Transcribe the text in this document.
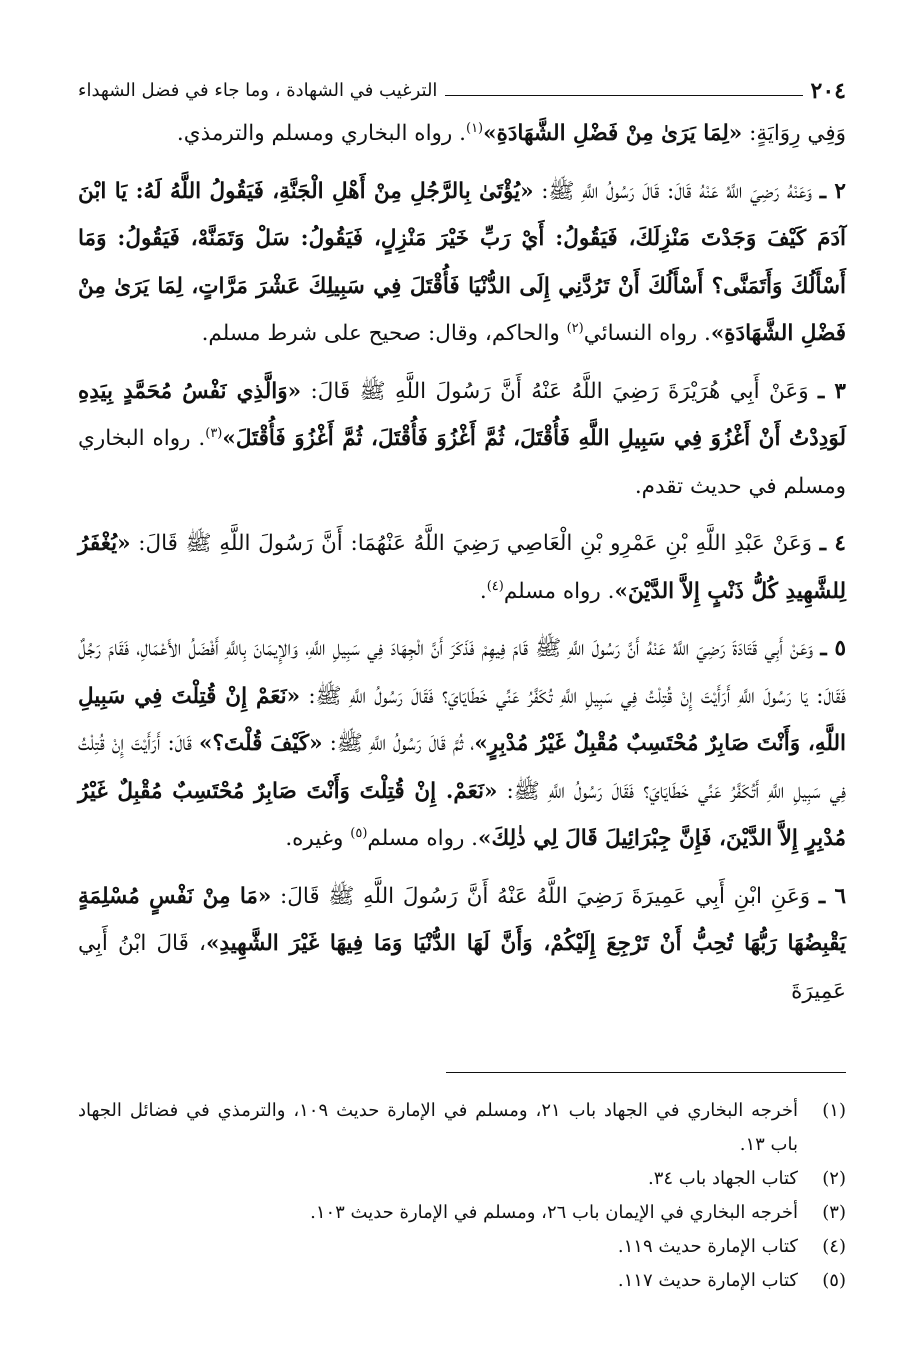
٢٠٤
الترغيب في الشهادة ، وما جاء في فضل الشهداء

وَفِي رِوَايَةٍ: «لِمَا يَرَىٰ مِنْ فَضْلِ الشَّهَادَةِ»$^{(١)}$. رواه البخاري ومسلم والترمذي.

٢ ـ وَعَنْهُ رَضِيَ اللَّهُ عَنْهُ قَالَ: قَالَ رَسُولُ اللَّهِ ﷺ: «يُؤْتَىٰ بِالرَّجُلِ مِنْ أَهْلِ الْجَنَّةِ، فَيَقُولُ اللَّهُ لَهُ: يَا ابْنَ آدَمَ كَيْفَ وَجَدْتَ مَنْزِلَكَ، فَيَقُولُ: أَيْ رَبِّ خَيْرَ مَنْزِلٍ، فَيَقُولُ: سَلْ وَتَمَنَّهْ، فَيَقُولُ: وَمَا أَسْأَلُكَ وَأَتَمَنَّى؟ أَسْأَلُكَ أَنْ تَرُدَّنِي إِلَى الدُّنْيَا فَأُقْتَلَ فِي سَبِيلِكَ عَشْرَ مَرَّاتٍ، لِمَا يَرَىٰ مِنْ فَضْلِ الشَّهَادَةِ». رواه النسائي$^{(٢)}$ والحاكم، وقال: صحيح على شرط مسلم.

٣ ـ وَعَنْ أَبِي هُرَيْرَةَ رَضِيَ اللَّهُ عَنْهُ أَنَّ رَسُولَ اللَّهِ ﷺ قَالَ: «وَالَّذِي نَفْسُ مُحَمَّدٍ بِيَدِهِ لَوَدِدْتُ أَنْ أَغْزُوَ فِي سَبِيلِ اللَّهِ فَأُقْتَلَ، ثُمَّ أَغْزُوَ فَأُقْتَلَ، ثُمَّ أَغْزُوَ فَأُقْتَلَ»$^{(٣)}$. رواه البخاري ومسلم في حديث تقدم.

٤ ـ وَعَنْ عَبْدِ اللَّهِ بْنِ عَمْرِو بْنِ الْعَاصِي رَضِيَ اللَّهُ عَنْهُمَا: أَنَّ رَسُولَ اللَّهِ ﷺ قَالَ: «يُغْفَرُ لِلشَّهِيدِ كُلُّ ذَنْبٍ إِلاَّ الدَّيْنَ». رواه مسلم$^{(٤)}$.

٥ ـ وَعَنْ أَبِي قَتَادَةَ رَضِيَ اللَّهُ عَنْهُ أَنَّ رَسُولَ اللَّهِ ﷺ قَامَ فِيهِمْ فَذَكَرَ أَنَّ الْجِهَادَ فِي سَبِيلِ اللَّهِ، وَالإِيمَانَ بِاللَّهِ أَفْضَلُ الأَعْمَالِ، فَقَامَ رَجُلٌ فَقَالَ: يَا رَسُولَ اللَّهِ أَرَأَيْتَ إِنْ قُتِلْتُ فِي سَبِيلِ اللَّهِ تُكَفَّرُ عَنِّي خَطَايَايَ؟ فَقَالَ رَسُولُ اللَّهِ ﷺ: «نَعَمْ إِنْ قُتِلْتَ فِي سَبِيلِ اللَّهِ، وَأَنْتَ صَابِرٌ مُحْتَسِبٌ مُقْبِلٌ غَيْرُ مُدْبِرٍ»، ثُمَّ قَالَ رَسُولُ اللَّهِ ﷺ: «كَيْفَ قُلْتَ؟» قَالَ: أَرَأَيْتَ إِنْ قُتِلْتُ فِي سَبِيلِ اللَّهِ أَتُكَفَّرُ عَنِّي خَطَايَايَ؟ فَقَالَ رَسُولُ اللَّهِ ﷺ: «نَعَمْ. إِنْ قُتِلْتَ وَأَنْتَ صَابِرٌ مُحْتَسِبٌ مُقْبِلٌ غَيْرُ مُدْبِرٍ إِلاَّ الدَّيْنَ، فَإِنَّ جِبْرَائِيلَ قَالَ لِي ذٰلِكَ». رواه مسلم$^{(٥)}$ وغيره.

٦ ـ وَعَنِ ابْنِ أَبِي عَمِيرَةَ رَضِيَ اللَّهُ عَنْهُ أَنَّ رَسُولَ اللَّهِ ﷺ قَالَ: «مَا مِنْ نَفْسٍ مُسْلِمَةٍ يَقْبِضُهَا رَبُّهَا تُحِبُّ أَنْ تَرْجِعَ إِلَيْكُمْ، وَأَنَّ لَهَا الدُّنْيَا وَمَا فِيهَا غَيْرَ الشَّهِيدِ»، قَالَ ابْنُ أَبِي عَمِيرَةَ

(١)
أخرجه البخاري في الجهاد باب ٢١، ومسلم في الإمارة حديث ١٠٩، والترمذي في فضائل الجهاد باب ١٣.
(٢)
كتاب الجهاد باب ٣٤.
(٣)
أخرجه البخاري في الإيمان باب ٢٦، ومسلم في الإمارة حديث ١٠٣.
(٤)
كتاب الإمارة حديث ١١٩.
(٥)
كتاب الإمارة حديث ١١٧.
